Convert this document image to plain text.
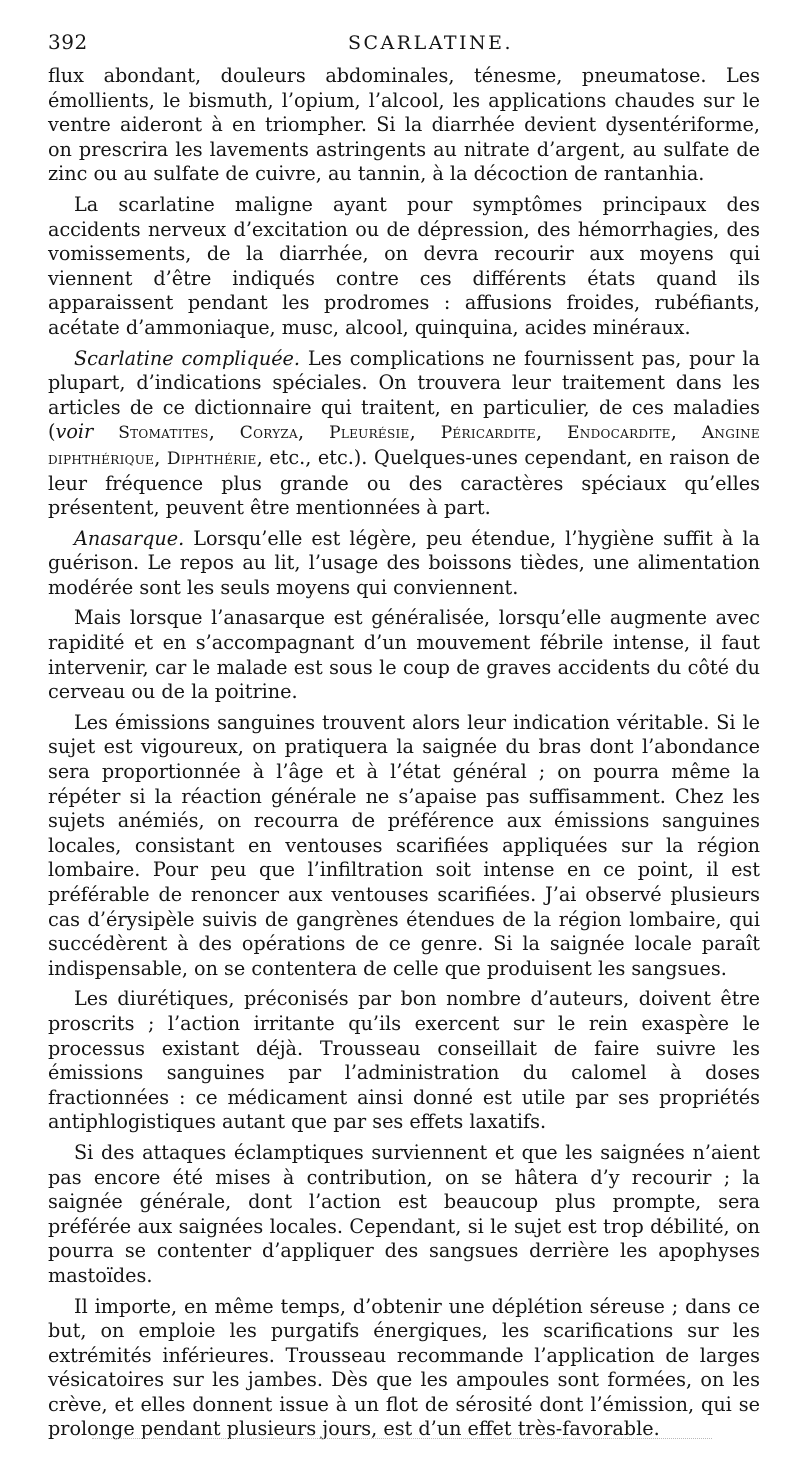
392	SCARLATINE.

flux abondant, douleurs abdominales, ténesme, pneumatose. Les émollients, le bismuth, l’opium, l’alcool, les applications chaudes sur le ventre aideront à en triompher. Si la diarrhée devient dysentériforme, on prescrira les lavements astringents au nitrate d’argent, au sulfate de zinc ou au sulfate de cuivre, au tannin, à la décoction de rantanhia.

La scarlatine maligne ayant pour symptômes principaux des accidents nerveux d’excitation ou de dépression, des hémorrhagies, des vomissements, de la diarrhée, on devra recourir aux moyens qui viennent d’être indiqués contre ces différents états quand ils apparaissent pendant les prodromes : affusions froides, rubéfiants, acétate d’ammoniaque, musc, alcool, quinquina, acides minéraux.

Scarlatine compliquée. Les complications ne fournissent pas, pour la plupart, d’indications spéciales. On trouvera leur traitement dans les articles de ce dictionnaire qui traitent, en particulier, de ces maladies (voir Stomatites, Coryza, Pleurésie, Péricardite, Endocardite, Angine diphthérique, Diphthérie, etc., etc.). Quelques-unes cependant, en raison de leur fréquence plus grande ou des caractères spéciaux qu’elles présentent, peuvent être mentionnées à part.

Anasarque. Lorsqu’elle est légère, peu étendue, l’hygiène suffit à la guérison. Le repos au lit, l’usage des boissons tièdes, une alimentation modérée sont les seuls moyens qui conviennent.

Mais lorsque l’anasarque est généralisée, lorsqu’elle augmente avec rapidité et en s’accompagnant d’un mouvement fébrile intense, il faut intervenir, car le malade est sous le coup de graves accidents du côté du cerveau ou de la poitrine.

Les émissions sanguines trouvent alors leur indication véritable. Si le sujet est vigoureux, on pratiquera la saignée du bras dont l’abondance sera proportionnée à l’âge et à l’état général ; on pourra même la répéter si la réaction générale ne s’apaise pas suffisamment. Chez les sujets anémiés, on recourra de préférence aux émissions sanguines locales, consistant en ventouses scarifiées appliquées sur la région lombaire. Pour peu que l’infiltration soit intense en ce point, il est préférable de renoncer aux ventouses scarifiées. J’ai observé plusieurs cas d’érysipèle suivis de gangrènes étendues de la région lombaire, qui succédèrent à des opérations de ce genre. Si la saignée locale paraît indispensable, on se contentera de celle que produisent les sangsues.

Les diurétiques, préconisés par bon nombre d’auteurs, doivent être proscrits ; l’action irritante qu’ils exercent sur le rein exaspère le processus existant déjà. Trousseau conseillait de faire suivre les émissions sanguines par l’administration du calomel à doses fractionnées : ce médicament ainsi donné est utile par ses propriétés antiphlogistiques autant que par ses effets laxatifs.

Si des attaques éclamptiques surviennent et que les saignées n’aient pas encore été mises à contribution, on se hâtera d’y recourir ; la saignée générale, dont l’action est beaucoup plus prompte, sera préférée aux saignées locales. Cependant, si le sujet est trop débilité, on pourra se contenter d’appliquer des sangsues derrière les apophyses mastoïdes.

Il importe, en même temps, d’obtenir une déplétion séreuse ; dans ce but, on emploie les purgatifs énergiques, les scarifications sur les extrémités inférieures. Trousseau recommande l’application de larges vésicatoires sur les jambes. Dès que les ampoules sont formées, on les crève, et elles donnent issue à un flot de sérosité dont l’émission, qui se prolonge pendant plusieurs jours, est d’un effet très-favorable.
